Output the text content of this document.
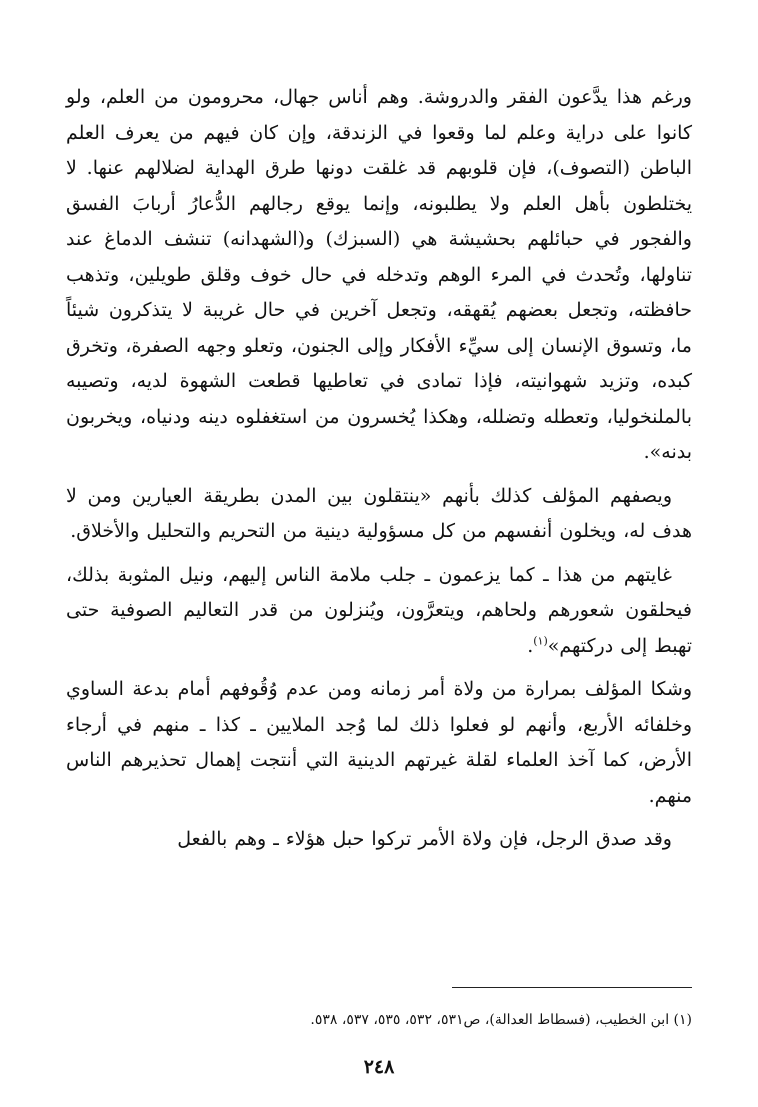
ورغم هذا يدَّعون الفقر والدروشة. وهم أناس جهال، محرومون من العلم، ولو كانوا على دراية وعلم لما وقعوا في الزندقة، وإن كان فيهم من يعرف العلم الباطن (التصوف)، فإن قلوبهم قد غلقت دونها طرق الهداية لضلالهم عنها. لا يختلطون بأهل العلم ولا يطلبونه، وإنما يوقع رجالهم الدُّعارُ أربابَ الفسق والفجور في حبائلهم بحشيشة هي (السبزك) و(الشهدانه) تنشف الدماغ عند تناولها، وتُحدث في المرء الوهم وتدخله في حال خوف وقلق طويلين، وتذهب حافظته، وتجعل بعضهم يُقهقه، وتجعل آخرين في حال غريبة لا يتذكرون شيئاً ما، وتسوق الإنسان إلى سيِّء الأفكار وإلى الجنون، وتعلو وجهه الصفرة، وتخرق كبده، وتزيد شهوانيته، فإذا تمادى في تعاطيها قطعت الشهوة لديه، وتصيبه بالملنخوليا، وتعطله وتضلله، وهكذا يُخسرون من استغفلوه دينه ودنياه، ويخربون بدنه».

ويصفهم المؤلف كذلك بأنهم «ينتقلون بين المدن بطريقة العيارين ومن لا هدف له، ويخلون أنفسهم من كل مسؤولية دينية من التحريم والتحليل والأخلاق.

غايتهم من هذا ـ كما يزعمون ـ جلب ملامة الناس إليهم، ونيل المثوبة بذلك، فيحلقون شعورهم ولحاهم، ويتعرَّون، ويُنزلون من قدر التعاليم الصوفية حتى تهبط إلى دركتهم»$^{(١)}$.

وشكا المؤلف بمرارة من ولاة أمر زمانه ومن عدم وُقُوفهم أمام بدعة الساوي وخلفائه الأربع، وأنهم لو فعلوا ذلك لما وُجد الملايين ـ كذا ـ منهم في أرجاء الأرض، كما آخذ العلماء لقلة غيرتهم الدينية التي أنتجت إهمال تحذيرهم الناس منهم.

وقد صدق الرجل، فإن ولاة الأمر تركوا حبل هؤلاء ـ وهم بالفعل

(١) ابن الخطيب، (فسطاط العدالة)، ص٥٣١، ٥٣٢، ٥٣٥، ٥٣٧، ٥٣٨.

٢٤٨
